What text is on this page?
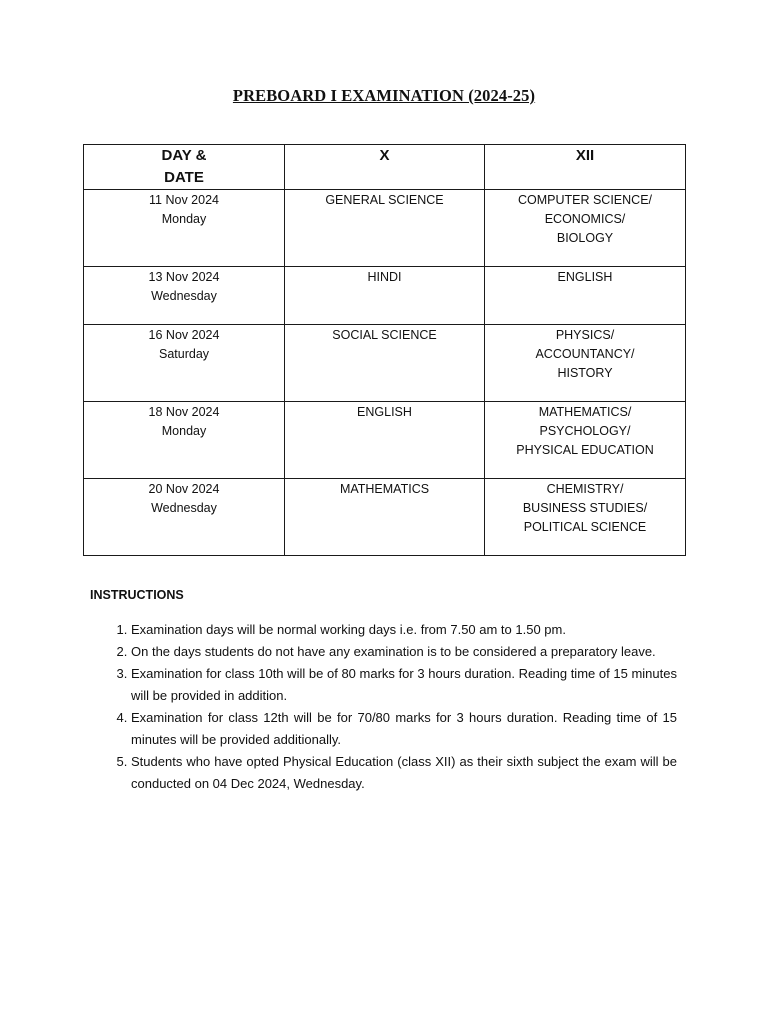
PREBOARD I EXAMINATION (2024-25)
DAY &
DATE	X	XII
11 Nov 2024
Monday	GENERAL SCIENCE	COMPUTER SCIENCE/
ECONOMICS/
BIOLOGY
13 Nov 2024
Wednesday	HINDI	ENGLISH
16 Nov 2024
Saturday	SOCIAL SCIENCE	PHYSICS/
ACCOUNTANCY/
HISTORY
18 Nov 2024
Monday	ENGLISH	MATHEMATICS/
PSYCHOLOGY/
PHYSICAL EDUCATION
20 Nov 2024
Wednesday	MATHEMATICS	CHEMISTRY/
BUSINESS STUDIES/
POLITICAL SCIENCE
INSTRUCTIONS
1. Examination days will be normal working days i.e. from 7.50 am to 1.50 pm.
2. On the days students do not have any examination is to be considered a preparatory leave.
3. Examination for class 10th will be of 80 marks for 3 hours duration. Reading time of 15 minutes will be provided in addition.
4. Examination for class 12th will be for 70/80 marks for 3 hours duration. Reading time of 15 minutes will be provided additionally.
5. Students who have opted Physical Education (class XII) as their sixth subject the exam will be conducted on 04 Dec 2024, Wednesday.
